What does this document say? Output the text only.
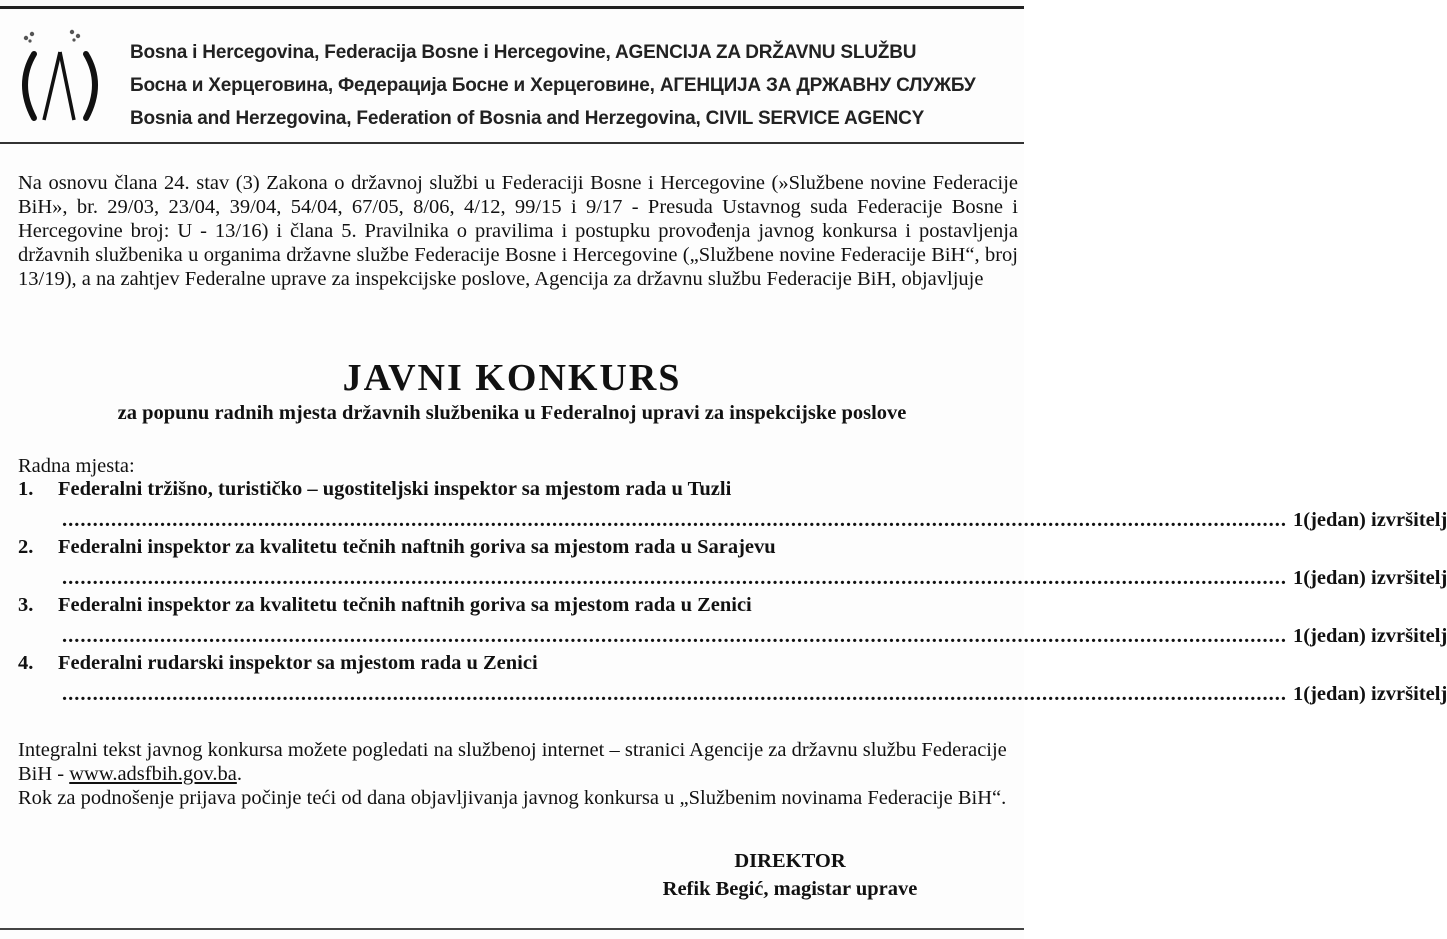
Bosna i Hercegovina, Federacija Bosne i Hercegovine, AGENCIJA ZA DRŽAVNU SLUŽBU
Босна и Херцеговина, Федерација Босне и Херцеговине, АГЕНЦИЈА ЗА ДРЖАВНУ СЛУЖБУ
Bosnia and Herzegovina, Federation of Bosnia and Herzegovina, CIVIL SERVICE AGENCY
Na osnovu člana 24. stav (3) Zakona o državnoj službi u Federaciji Bosne i Hercegovine (»Službene novine Federacije BiH», br. 29/03, 23/04, 39/04, 54/04, 67/05, 8/06, 4/12, 99/15 i 9/17 - Presuda Ustavnog suda Federacije Bosne i Hercegovine broj: U - 13/16) i člana 5. Pravilnika o pravilima i postupku provođenja javnog konkursa i postavljenja državnih službenika u organima državne službe Federacije Bosne i Hercegovine („Službene novine Federacije BiH“, broj 13/19), a na zahtjev Federalne uprave za inspekcijske poslove, Agencija za državnu službu Federacije BiH, objavljuje
JAVNI KONKURS
za popunu radnih mjesta državnih službenika u Federalnoj upravi za inspekcijske poslove
Radna mjesta:
1. Federalni tržišno, turističko – ugostiteljski inspektor sa mjestom rada u Tuzli
........................................................................................................................................................................................................ 1(jedan) izvršitelj
2. Federalni inspektor za kvalitetu tečnih naftnih goriva sa mjestom rada u Sarajevu
........................................................................................................................................................................................................ 1(jedan) izvršitelj
3. Federalni inspektor za kvalitetu tečnih naftnih goriva sa mjestom rada u Zenici
........................................................................................................................................................................................................ 1(jedan) izvršitelj
4. Federalni rudarski inspektor sa mjestom rada u Zenici
........................................................................................................................................................................................................ 1(jedan) izvršitelj
Integralni tekst javnog konkursa možete pogledati na službenoj internet – stranici Agencije za državnu službu Federacije BiH - www.adsfbih.gov.ba.
Rok za podnošenje prijava počinje teći od dana objavljivanja javnog konkursa u „Službenim novinama Federacije BiH“.
DIREKTOR
Refik Begić, magistar uprave
